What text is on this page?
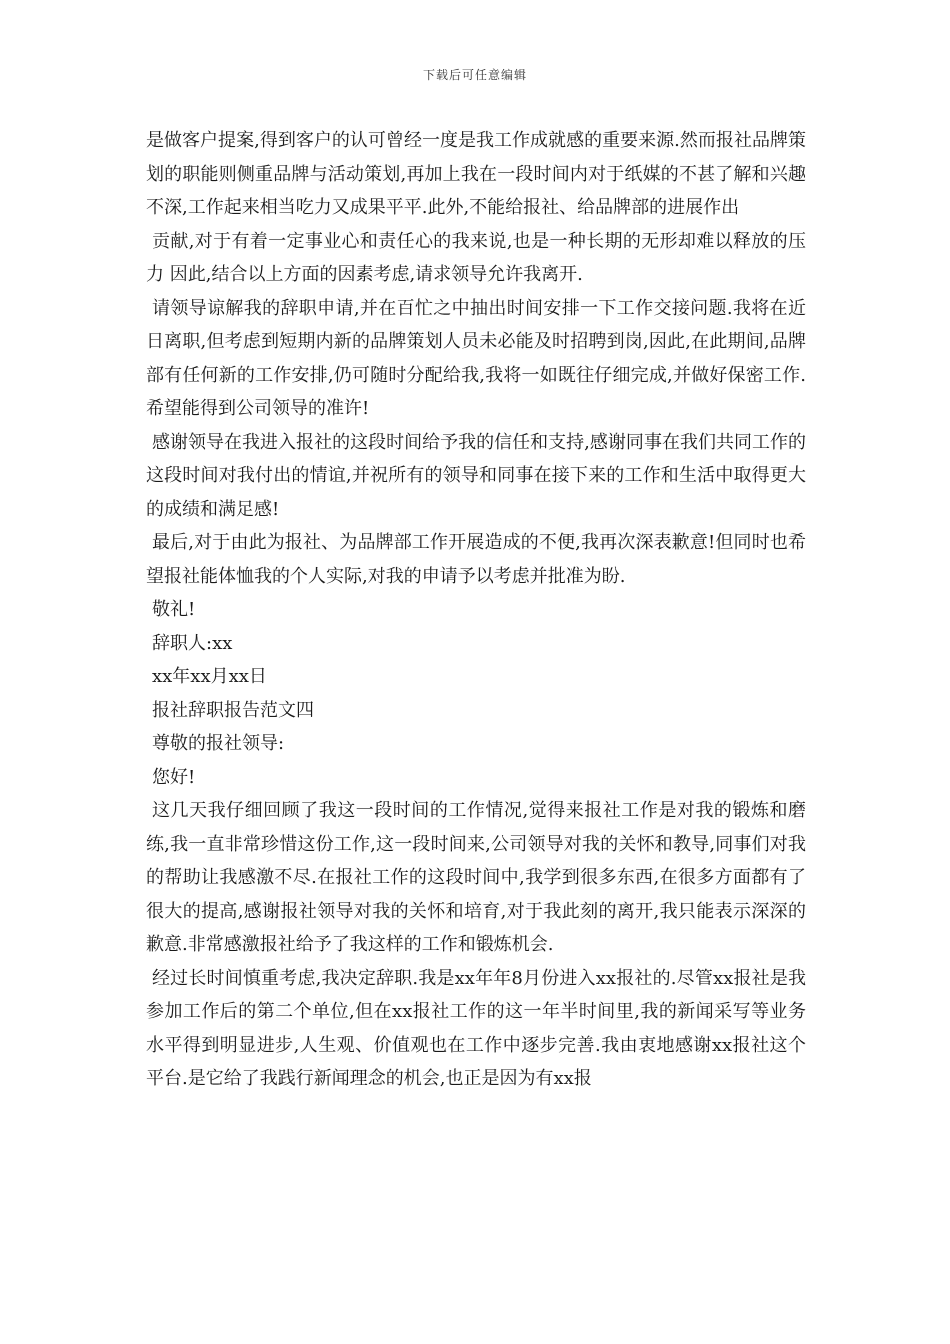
下载后可任意编辑

是做客户提案,得到客户的认可曾经一度是我工作成就感的重要来源.然而报社品牌策划的职能则侧重品牌与活动策划,再加上我在一段时间内对于纸媒的不甚了解和兴趣不深,工作起来相当吃力又成果平平.此外,不能给报社、给品牌部的进展作出

贡献,对于有着一定事业心和责任心的我来说,也是一种长期的无形却难以释放的压力 因此,结合以上方面的因素考虑,请求领导允许我离开.

请领导谅解我的辞职申请,并在百忙之中抽出时间安排一下工作交接问题.我将在近日离职,但考虑到短期内新的品牌策划人员未必能及时招聘到岗,因此,在此期间,品牌部有任何新的工作安排,仍可随时分配给我,我将一如既往仔细完成,并做好保密工作.希望能得到公司领导的准许!

感谢领导在我进入报社的这段时间给予我的信任和支持,感谢同事在我们共同工作的这段时间对我付出的情谊,并祝所有的领导和同事在接下来的工作和生活中取得更大的成绩和满足感!

最后,对于由此为报社、为品牌部工作开展造成的不便,我再次深表歉意!但同时也希望报社能体恤我的个人实际,对我的申请予以考虑并批准为盼.

敬礼!

辞职人:xx

xx年xx月xx日

报社辞职报告范文四

尊敬的报社领导:

您好!

这几天我仔细回顾了我这一段时间的工作情况,觉得来报社工作是对我的锻炼和磨练,我一直非常珍惜这份工作,这一段时间来,公司领导对我的关怀和教导,同事们对我的帮助让我感激不尽.在报社工作的这段时间中,我学到很多东西,在很多方面都有了很大的提高,感谢报社领导对我的关怀和培育,对于我此刻的离开,我只能表示深深的歉意.非常感激报社给予了我这样的工作和锻炼机会.

经过长时间慎重考虑,我决定辞职.我是xx年年8月份进入xx报社的.尽管xx报社是我参加工作后的第二个单位,但在xx报社工作的这一年半时间里,我的新闻采写等业务水平得到明显进步,人生观、价值观也在工作中逐步完善.我由衷地感谢xx报社这个平台.是它给了我践行新闻理念的机会,也正是因为有xx报
